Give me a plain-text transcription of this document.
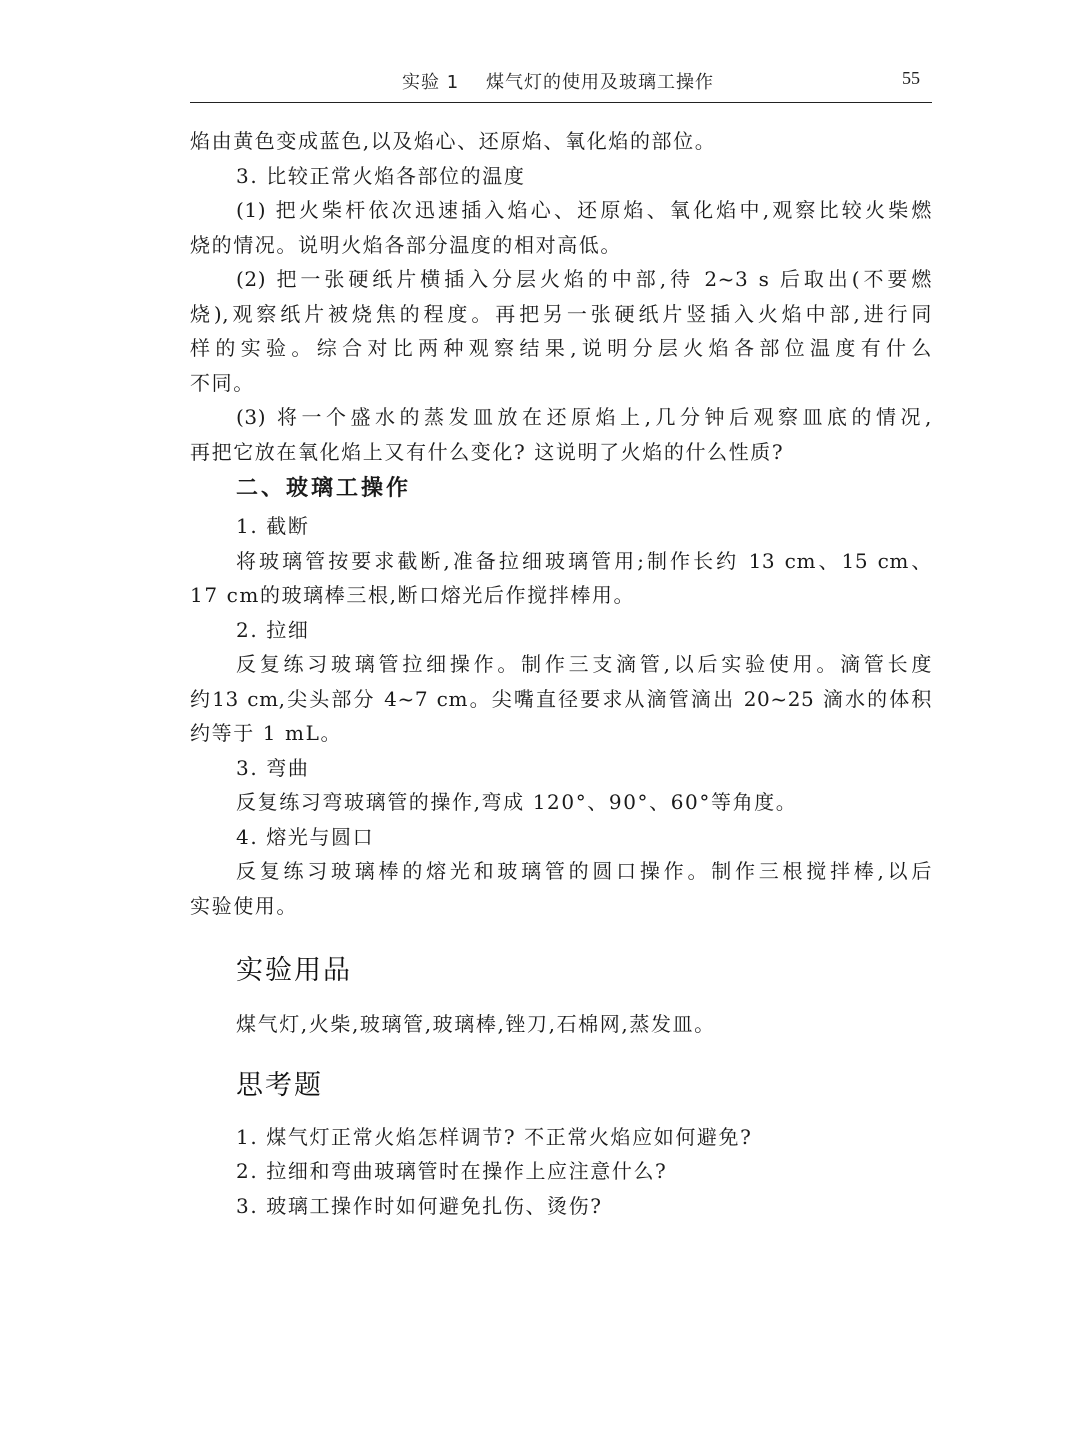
实验 1    煤气灯的使用及玻璃工操作	55
焰由黄色变成蓝色,以及焰心、还原焰、氧化焰的部位。
3. 比较正常火焰各部位的温度
(1) 把火柴杆依次迅速插入焰心、还原焰、氧化焰中,观察比较火柴燃
烧的情况。说明火焰各部分温度的相对高低。
(2) 把一张硬纸片横插入分层火焰的中部,待 2~3 s 后取出(不要燃
烧),观察纸片被烧焦的程度。再把另一张硬纸片竖插入火焰中部,进行同
样的实验。综合对比两种观察结果,说明分层火焰各部位温度有什么
不同。
(3) 将一个盛水的蒸发皿放在还原焰上,几分钟后观察皿底的情况,
再把它放在氧化焰上又有什么变化? 这说明了火焰的什么性质?
二、玻璃工操作
1. 截断
将玻璃管按要求截断,准备拉细玻璃管用;制作长约 13 cm、15 cm、
17 cm的玻璃棒三根,断口熔光后作搅拌棒用。
2. 拉细
反复练习玻璃管拉细操作。制作三支滴管,以后实验使用。滴管长度
约13 cm,尖头部分 4~7 cm。尖嘴直径要求从滴管滴出 20~25 滴水的体积
约等于 1 mL。
3. 弯曲
反复练习弯玻璃管的操作,弯成 120°、90°、60°等角度。
4. 熔光与圆口
反复练习玻璃棒的熔光和玻璃管的圆口操作。制作三根搅拌棒,以后
实验使用。
实验用品
煤气灯,火柴,玻璃管,玻璃棒,锉刀,石棉网,蒸发皿。
思考题
1. 煤气灯正常火焰怎样调节? 不正常火焰应如何避免?
2. 拉细和弯曲玻璃管时在操作上应注意什么?
3. 玻璃工操作时如何避免扎伤、烫伤?
